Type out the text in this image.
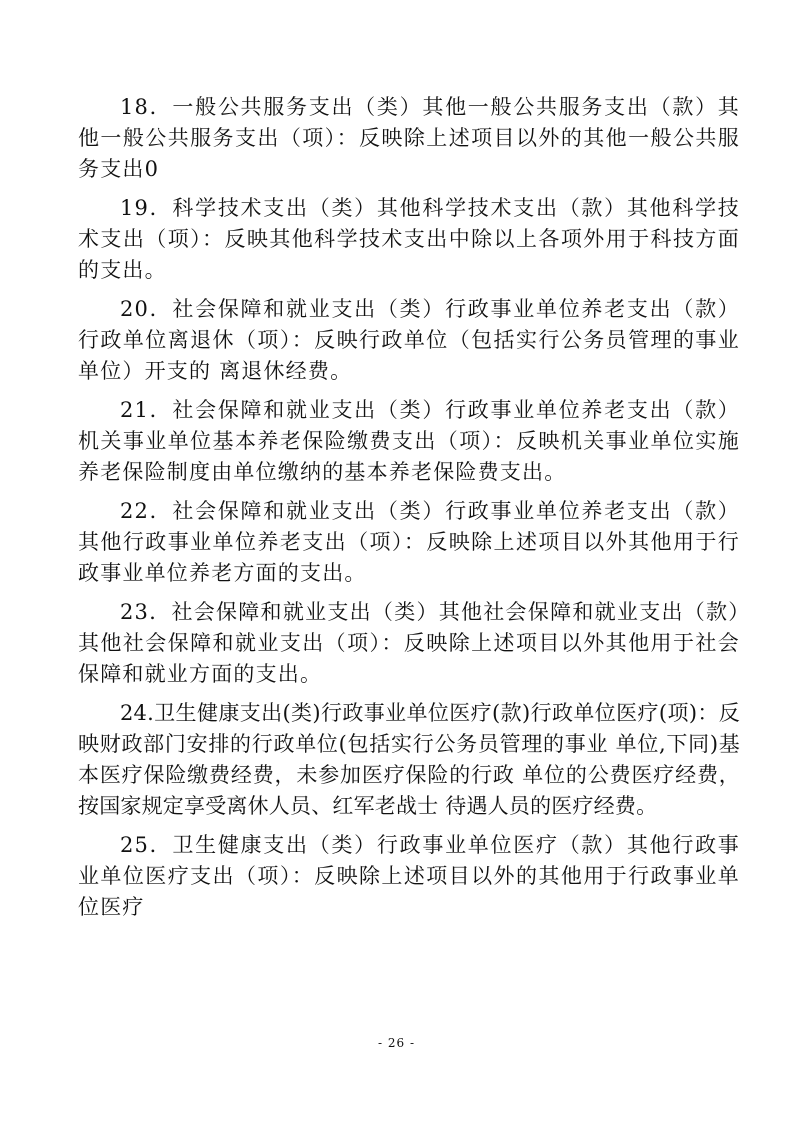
18．一般公共服务支出（类）其他一般公共服务支出（款）其他一般公共服务支出（项）：反映除上述项目以外的其他一般公共服务支出0

19．科学技术支出（类）其他科学技术支出（款）其他科学技术支出（项）：反映其他科学技术支出中除以上各项外用于科技方面的支出。

20．社会保障和就业支出（类）行政事业单位养老支出（款）行政单位离退休（项）：反映行政单位（包括实行公务员管理的事业单位）开支的 离退休经费。

21．社会保障和就业支出（类）行政事业单位养老支出（款）机关事业单位基本养老保险缴费支出（项）：反映机关事业单位实施养老保险制度由单位缴纳的基本养老保险费支出。

22．社会保障和就业支出（类）行政事业单位养老支出（款）其他行政事业单位养老支出（项）：反映除上述项目以外其他用于行政事业单位养老方面的支出。

23．社会保障和就业支出（类）其他社会保障和就业支出（款）其他社会保障和就业支出（项）：反映除上述项目以外其他用于社会保障和就业方面的支出。

24.卫生健康支出(类)行政事业单位医疗(款)行政单位医疗(项)：反映财政部门安排的行政单位(包括实行公务员管理的事业 单位,下同)基本医疗保险缴费经费，未参加医疗保险的行政 单位的公费医疗经费，按国家规定享受离休人员、红军老战士 待遇人员的医疗经费。

25．卫生健康支出（类）行政事业单位医疗（款）其他行政事业单位医疗支出（项）：反映除上述项目以外的其他用于行政事业单位医疗

- 26 -
